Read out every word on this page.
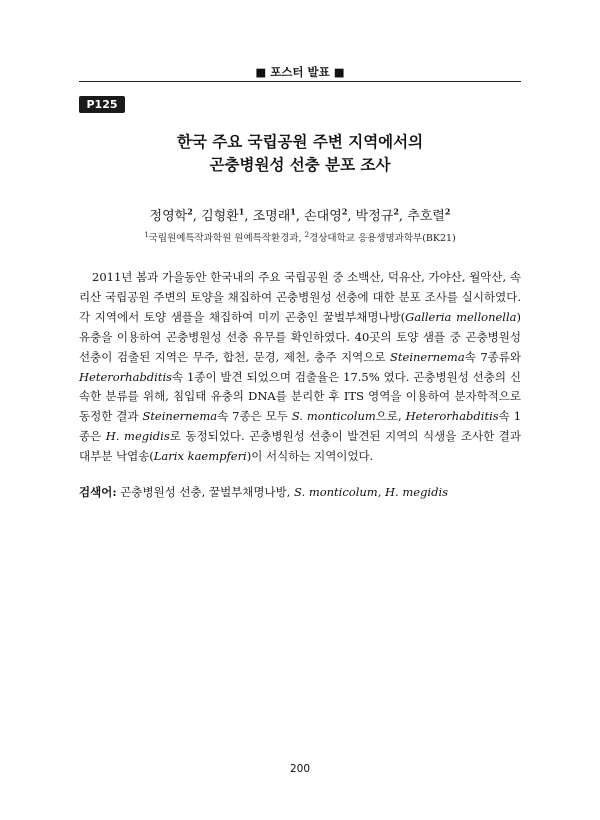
■ 포스터 발표 ■
P125
한국 주요 국립공원 주변 지역에서의
곤충병원성 선충 분포 조사
정영학$^2$, 김형환$^1$, 조명래$^1$, 손대영$^2$, 박정규$^2$, 추호렬$^2$
$^1$국립원예특작과학원 원예특작환경과, $^2$경상대학교 응용생명과학부(BK21)

2011년 봄과 가을동안 한국내의 주요 국립공원 중 소백산, 덕유산, 가야산, 월악산, 속리산 국립공원 주변의 토양을 채집하여 곤충병원성 선충에 대한 분포 조사를 실시하였다. 각 지역에서 토양 샘플을 채집하여 미끼 곤충인 꿀벌부채명나방(Galleria mellonella) 유충을 이용하여 곤충병원성 선충 유무를 확인하였다. 40곳의 토양 샘플 중 곤충병원성 선충이 검출된 지역은 무주, 합천, 문경, 제천, 충주 지역으로 Steinernema속 7종류와 Heterorhabditis속 1종이 발견 되었으며 검출율은 17.5% 였다. 곤충병원성 선충의 신속한 분류를 위해, 침입태 유충의 DNA를 분리한 후 ITS 영역을 이용하여 분자학적으로 동정한 결과 Steinernema속 7종은 모두 S. monticolum으로, Heterorhabditis속 1종은 H. megidis로 동정되었다. 곤충병원성 선충이 발견된 지역의 식생을 조사한 결과 대부분 낙엽송(Larix kaempferi)이 서식하는 지역이었다.

검색어: 곤충병원성 선충, 꿀벌부채명나방, S. monticolum, H. megidis
200
